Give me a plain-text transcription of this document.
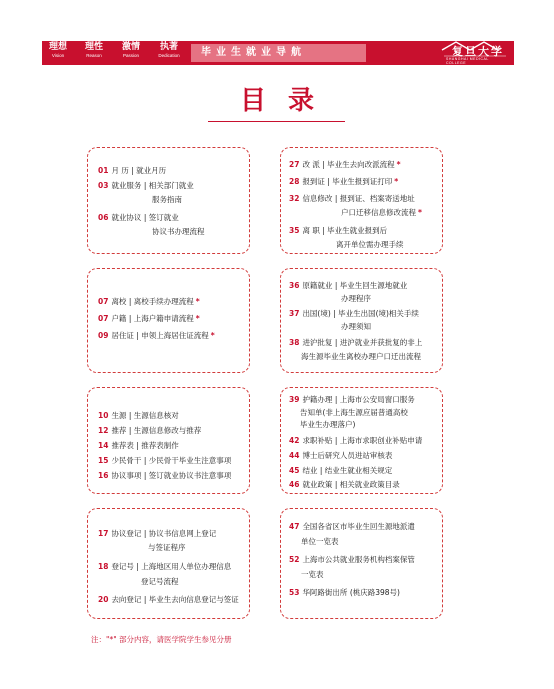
理想
Vision
理性
Reason
激情
Passion
执著
Dedication	毕业生就业导航	复旦大学
SHANGHAI MEDICAL COLLEGE
目录
01 月 历 | 就业月历
03 就业服务 | 相关部门就业
服务指南
06 就业协议 | 签订就业
协议书办理流程
27 改 派 | 毕业生去向改派流程 *
28 报到证 | 毕业生报到证打印 *
32 信息修改 | 报到证、档案寄送地址
户口迁移信息修改流程 *
35 离 职 | 毕业生就业报到后
离开单位需办理手续
07 离校 | 离校手续办理流程 *
07 户籍 | 上海户籍申请流程 *
09 居住证 | 申领上海居住证流程 *
36 原籍就业 | 毕业生回生源地就业
办理程序
37 出国(境) | 毕业生出国(境)相关手续
办理须知
38 进沪批复 | 进沪就业并获批复的非上
海生源毕业生离校办理户口迁出流程
10 生源 | 生源信息核对
12 推荐 | 生源信息修改与推荐
14 推荐表 | 推荐表制作
15 少民骨干 | 少民骨干毕业生注意事项
16 协议事项 | 签订就业协议书注意事项
39 护籍办理 | 上海市公安局窗口服务
告知单(非上海生源应届普通高校
毕业生办理落户)
42 求职补贴 | 上海市求职创业补贴申请
44 博士后研究人员进站审核表
45 结业 | 结业生就业相关规定
46 就业政策 | 相关就业政策目录
17 协议登记 | 协议书信息网上登记
与签证程序
18 登记号 | 上海地区用人单位办理信息
登记号流程
20 去向登记 | 毕业生去向信息登记与签证
47 全国各省区市毕业生回生源地派遣
单位一览表
52 上海市公共就业服务机构档案保管
一览表
53 华阿路街出所 (桃庆路398号)
注："*" 部分内容，请医学院学生参见分册
